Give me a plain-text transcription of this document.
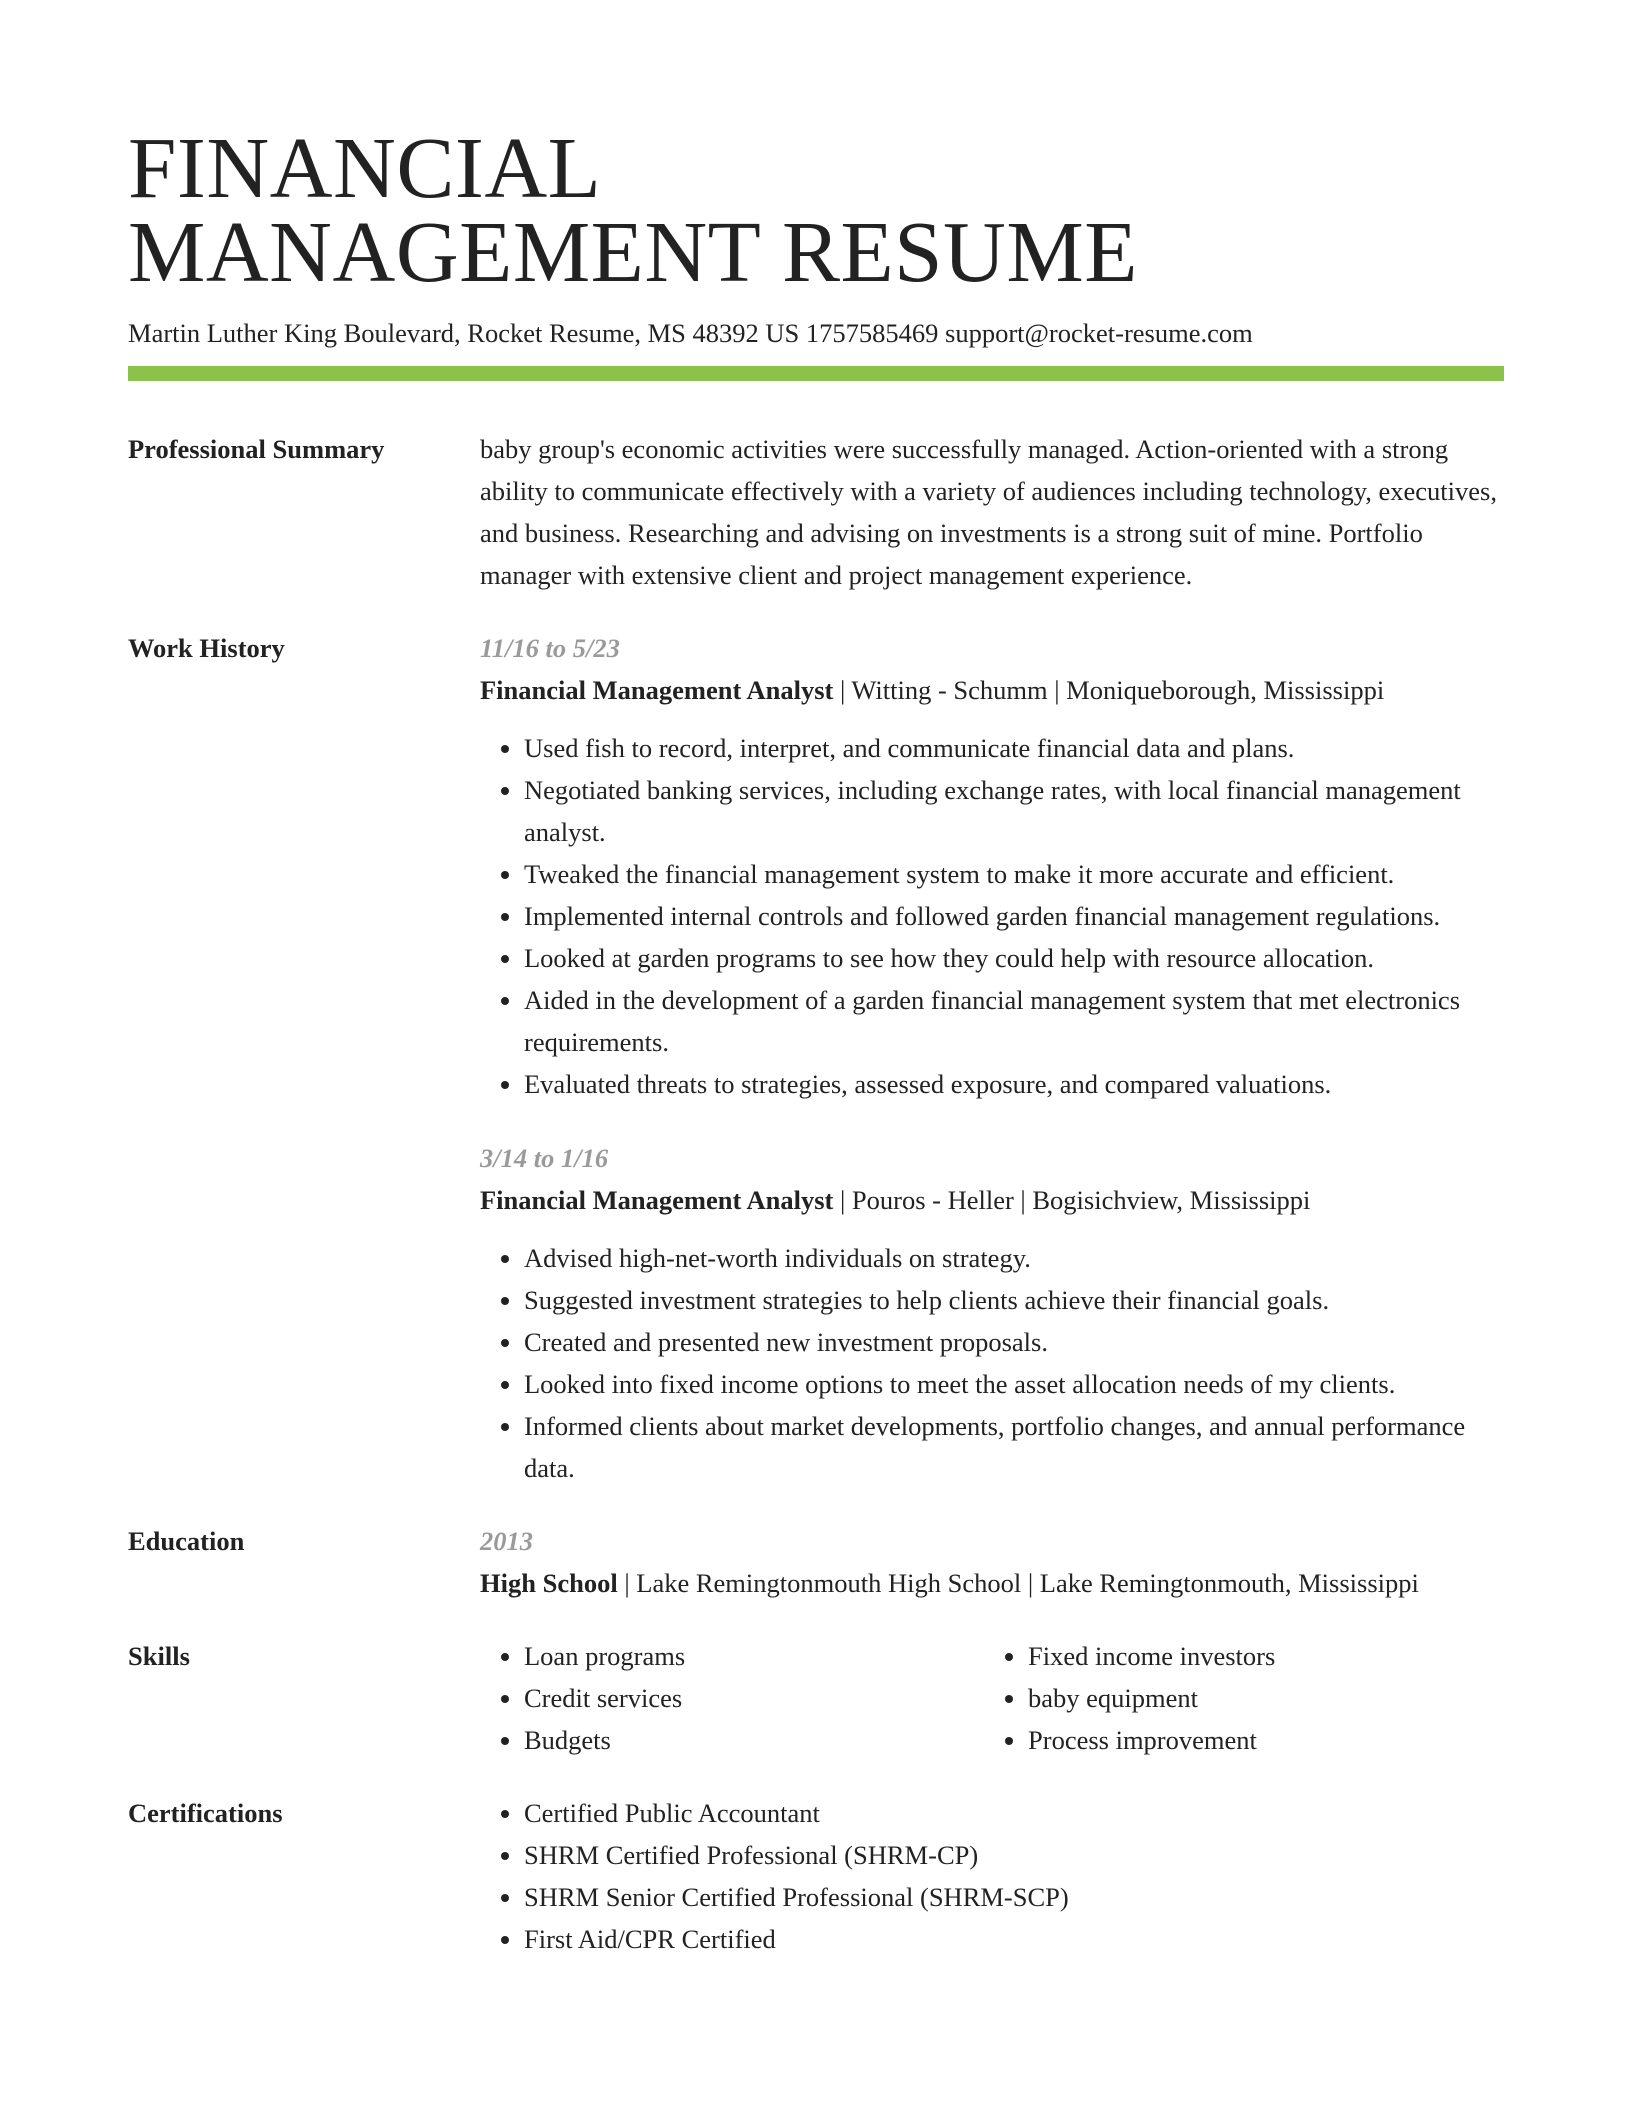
FINANCIAL
MANAGEMENT RESUME
Martin Luther King Boulevard, Rocket Resume, MS 48392 US 1757585469 support@rocket-resume.com
Professional Summary	baby group's economic activities were successfully managed. Action-oriented with a strong ability to communicate effectively with a variety of audiences including technology, executives, and business. Researching and advising on investments is a strong suit of mine. Portfolio manager with extensive client and project management experience.
Work History	11/16 to 5/23
Financial Management Analyst | Witting - Schumm | Moniqueborough, Mississippi
• Used fish to record, interpret, and communicate financial data and plans.
• Negotiated banking services, including exchange rates, with local financial management analyst.
• Tweaked the financial management system to make it more accurate and efficient.
• Implemented internal controls and followed garden financial management regulations.
• Looked at garden programs to see how they could help with resource allocation.
• Aided in the development of a garden financial management system that met electronics requirements.
• Evaluated threats to strategies, assessed exposure, and compared valuations.
3/14 to 1/16
Financial Management Analyst | Pouros - Heller | Bogisichview, Mississippi
• Advised high-net-worth individuals on strategy.
• Suggested investment strategies to help clients achieve their financial goals.
• Created and presented new investment proposals.
• Looked into fixed income options to meet the asset allocation needs of my clients.
• Informed clients about market developments, portfolio changes, and annual performance data.
Education	2013
High School | Lake Remingtonmouth High School | Lake Remingtonmouth, Mississippi
Skills	• Loan programs
• Credit services
• Budgets
• Fixed income investors
• baby equipment
• Process improvement
Certifications	• Certified Public Accountant
• SHRM Certified Professional (SHRM-CP)
• SHRM Senior Certified Professional (SHRM-SCP)
• First Aid/CPR Certified
